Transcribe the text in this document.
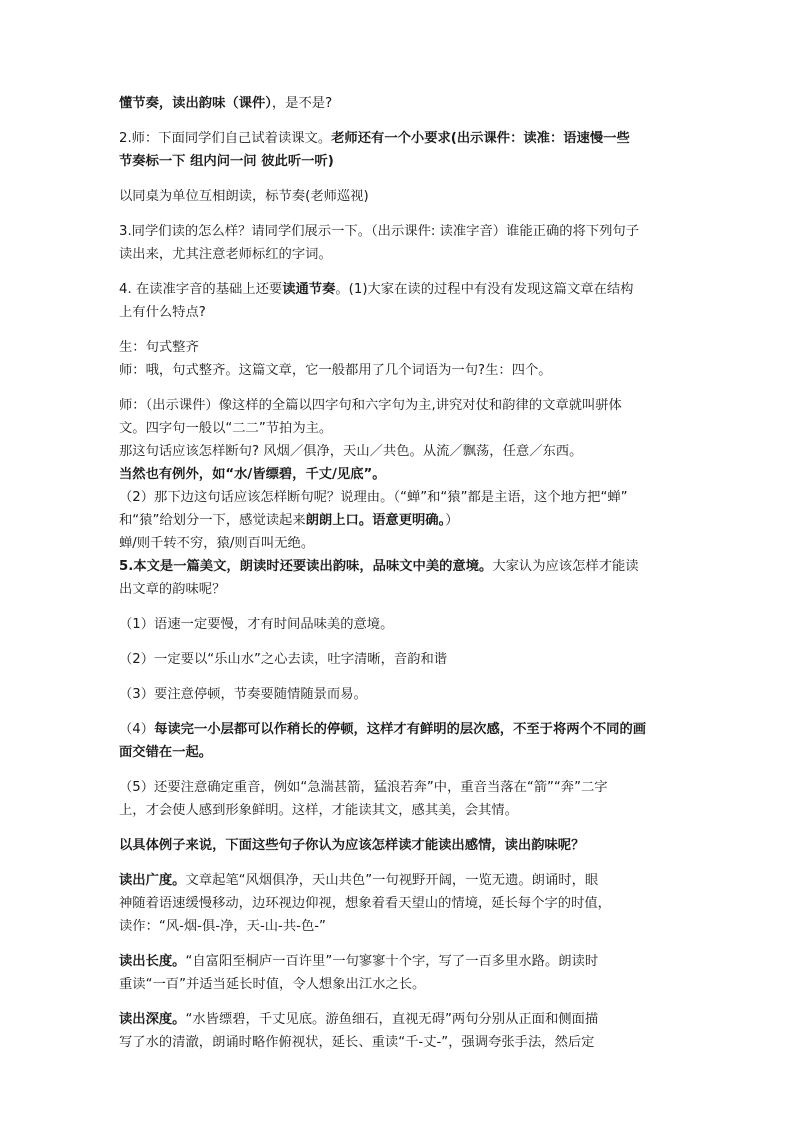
懂节奏，读出韵味（课件），是不是?
2.师：下面同学们自己试着读课文。老师还有一个小要求(出示课件：读准：语速慢一些
节奏标一下 组内问一问 彼此听一听)
以同桌为单位互相朗读，标节奏(老师巡视)
3.同学们读的怎么样？请同学们展示一下。（出示课件: 读准字音）谁能正确的将下列句子
读出来，尤其注意老师标红的字词。
4. 在读准字音的基础上还要读通节奏。(1)大家在读的过程中有没有发现这篇文章在结构
上有什么特点?
生：句式整齐
师：哦，句式整齐。这篇文章，它一般都用了几个词语为一句?生：四个。
师：（出示课件）像这样的全篇以四字句和六字句为主,讲究对仗和韵律的文章就叫骈体
文。四字句一般以“二二”节拍为主。
那这句话应该怎样断句? 风烟／俱净，天山／共色。从流／飘荡，任意／东西。
当然也有例外，如“水/皆缥碧，千丈/见底”。
（2）那下边这句话应该怎样断句呢？说理由。（“蝉”和“猿”都是主语，这个地方把“蝉”
和“猿”给划分一下，感觉读起来朗朗上口。语意更明确。）
蝉/则千转不穷，猿/则百叫无绝。
5.本文是一篇美文，朗读时还要读出韵味，品味文中美的意境。大家认为应该怎样才能读
出文章的韵味呢？
（1）语速一定要慢，才有时间品味美的意境。
（2）一定要以“乐山水”之心去读，吐字清晰，音韵和谐
（3）要注意停顿，节奏要随情随景而易。
（4）每读完一小层都可以作稍长的停顿，这样才有鲜明的层次感，不至于将两个不同的画
面交错在一起。
（5）还要注意确定重音，例如“急湍甚箭，猛浪若奔”中，重音当落在“箭”“奔”二字
上，才会使人感到形象鲜明。这样，才能读其文，感其美，会其情。
以具体例子来说，下面这些句子你认为应该怎样读才能读出感情，读出韵味呢？
读出广度。文章起笔“风烟俱净，天山共色”一句视野开阔，一览无遗。朗诵时，眼
神随着语速缓慢移动，边环视边仰视，想象着看天望山的情境，延长每个字的时值，
读作：“风-烟-俱-净，天-山-共-色-”
读出长度。“自富阳至桐庐一百许里”一句寥寥十个字，写了一百多里水路。朗读时
重读“一百”并适当延长时值，令人想象出江水之长。
读出深度。“水皆缥碧，千丈见底。游鱼细石，直视无碍”两句分别从正面和侧面描
写了水的清澈，朗诵时略作俯视状，延长、重读“千-丈-”，强调夸张手法，然后定
